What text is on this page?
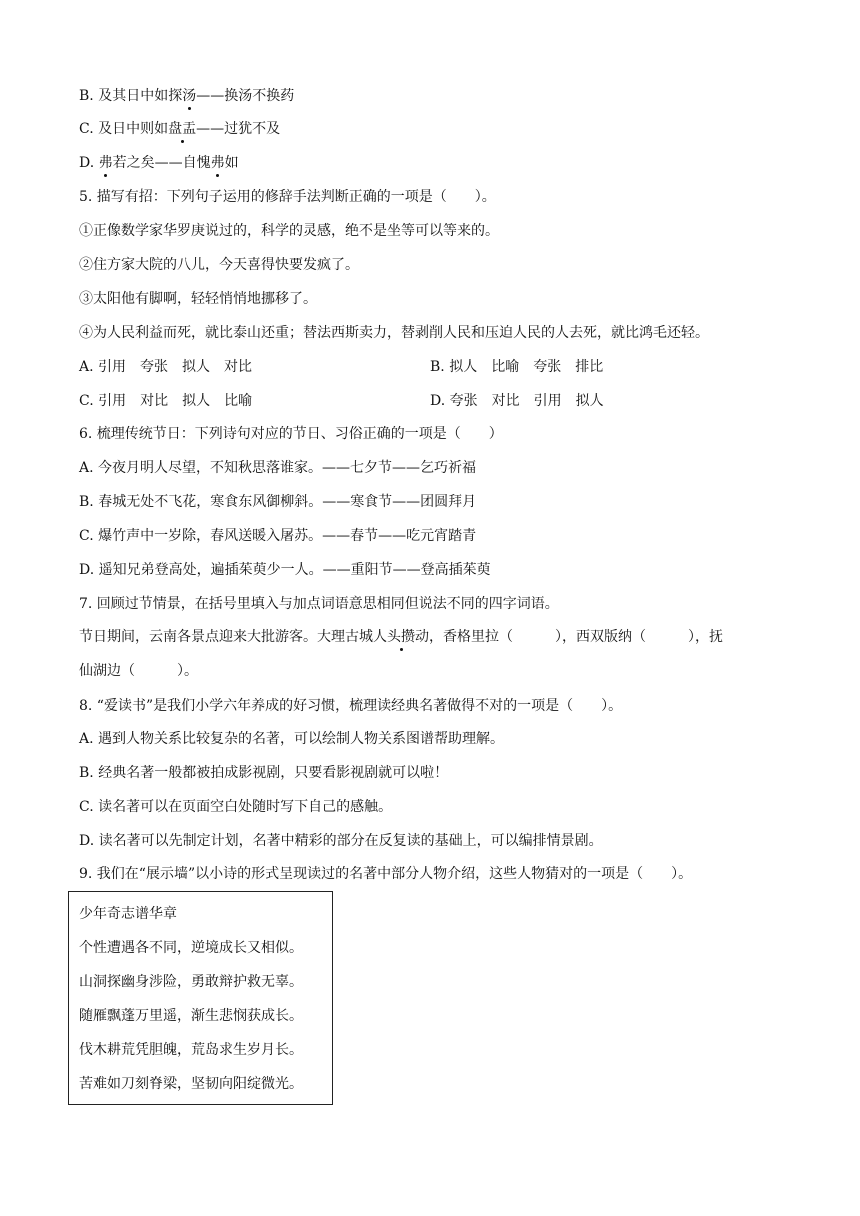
B. 及其日中如探汤——换汤不换药
C. 及日中则如盘盂——过犹不及
D. 弗若之矣——自愧弗如
5. 描写有招：下列句子运用的修辞手法判断正确的一项是（　　）。
①正像数学家华罗庚说过的，科学的灵感，绝不是坐等可以等来的。
②住方家大院的八儿，今天喜得快要发疯了。
③太阳他有脚啊，轻轻悄悄地挪移了。
④为人民利益而死，就比泰山还重；替法西斯卖力，替剥削人民和压迫人民的人去死，就比鸿毛还轻。
A. 引用　夸张　拟人　对比	B. 拟人　比喻　夸张　排比
C. 引用　对比　拟人　比喻	D. 夸张　对比　引用　拟人
6. 梳理传统节日：下列诗句对应的节日、习俗正确的一项是（　　）
A. 今夜月明人尽望，不知秋思落谁家。——七夕节——乞巧祈福
B. 春城无处不飞花，寒食东风御柳斜。——寒食节——团圆拜月
C. 爆竹声中一岁除，春风送暖入屠苏。——春节——吃元宵踏青
D. 遥知兄弟登高处，遍插茱萸少一人。——重阳节——登高插茱萸
7. 回顾过节情景，在括号里填入与加点词语意思相同但说法不同的四字词语。
节日期间，云南各景点迎来大批游客。大理古城人头攒动，香格里拉（　　　），西双版纳（　　　），抚
仙湖边（　　　）。
8. “爱读书”是我们小学六年养成的好习惯，梳理读经典名著做得不对的一项是（　　）。
A. 遇到人物关系比较复杂的名著，可以绘制人物关系图谱帮助理解。
B. 经典名著一般都被拍成影视剧，只要看影视剧就可以啦！
C. 读名著可以在页面空白处随时写下自己的感触。
D. 读名著可以先制定计划，名著中精彩的部分在反复读的基础上，可以编排情景剧。
9. 我们在“展示墙”以小诗的形式呈现读过的名著中部分人物介绍，这些人物猜对的一项是（　　）。
少年奇志谱华章
个性遭遇各不同，逆境成长又相似。
山洞探幽身涉险，勇敢辩护救无辜。
随雁飘蓬万里遥，渐生悲悯获成长。
伐木耕荒凭胆魄，荒岛求生岁月长。
苦难如刀刻脊梁，坚韧向阳绽微光。
